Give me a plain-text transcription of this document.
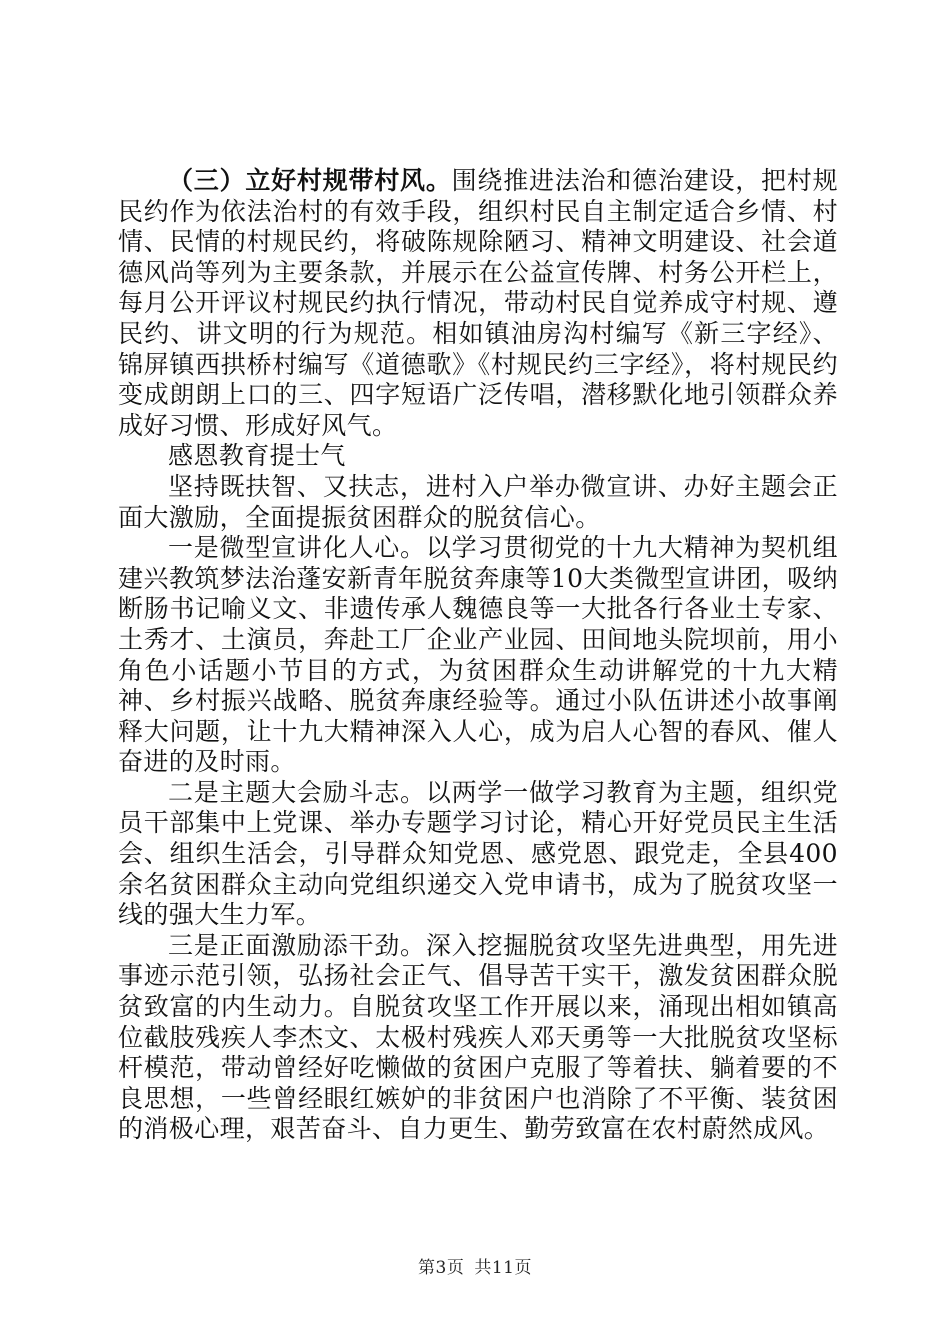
（三）立好村规带村风。围绕推进法治和德治建设，把村规民约作为依法治村的有效手段，组织村民自主制定适合乡情、村情、民情的村规民约，将破陈规除陋习、精神文明建设、社会道德风尚等列为主要条款，并展示在公益宣传牌、村务公开栏上，每月公开评议村规民约执行情况，带动村民自觉养成守村规、遵民约、讲文明的行为规范。相如镇油房沟村编写《新三字经》、锦屏镇西拱桥村编写《道德歌》《村规民约三字经》，将村规民约变成朗朗上口的三、四字短语广泛传唱，潜移默化地引领群众养成好习惯、形成好风气。

感恩教育提士气

坚持既扶智、又扶志，进村入户举办微宣讲、办好主题会正面大激励，全面提振贫困群众的脱贫信心。

一是微型宣讲化人心。以学习贯彻党的十九大精神为契机组建兴教筑梦法治蓬安新青年脱贫奔康等10大类微型宣讲团，吸纳断肠书记喻义文、非遗传承人魏德良等一大批各行各业土专家、土秀才、土演员，奔赴工厂企业产业园、田间地头院坝前，用小角色小话题小节目的方式，为贫困群众生动讲解党的十九大精神、乡村振兴战略、脱贫奔康经验等。通过小队伍讲述小故事阐释大问题，让十九大精神深入人心，成为启人心智的春风、催人奋进的及时雨。

二是主题大会励斗志。以两学一做学习教育为主题，组织党员干部集中上党课、举办专题学习讨论，精心开好党员民主生活会、组织生活会，引导群众知党恩、感党恩、跟党走，全县400余名贫困群众主动向党组织递交入党申请书，成为了脱贫攻坚一线的强大生力军。

三是正面激励添干劲。深入挖掘脱贫攻坚先进典型，用先进事迹示范引领，弘扬社会正气、倡导苦干实干，激发贫困群众脱贫致富的内生动力。自脱贫攻坚工作开展以来，涌现出相如镇高位截肢残疾人李杰文、太极村残疾人邓天勇等一大批脱贫攻坚标杆模范，带动曾经好吃懒做的贫困户克服了等着扶、躺着要的不良思想，一些曾经眼红嫉妒的非贫困户也消除了不平衡、装贫困的消极心理，艰苦奋斗、自力更生、勤劳致富在农村蔚然成风。

第3页 共11页
